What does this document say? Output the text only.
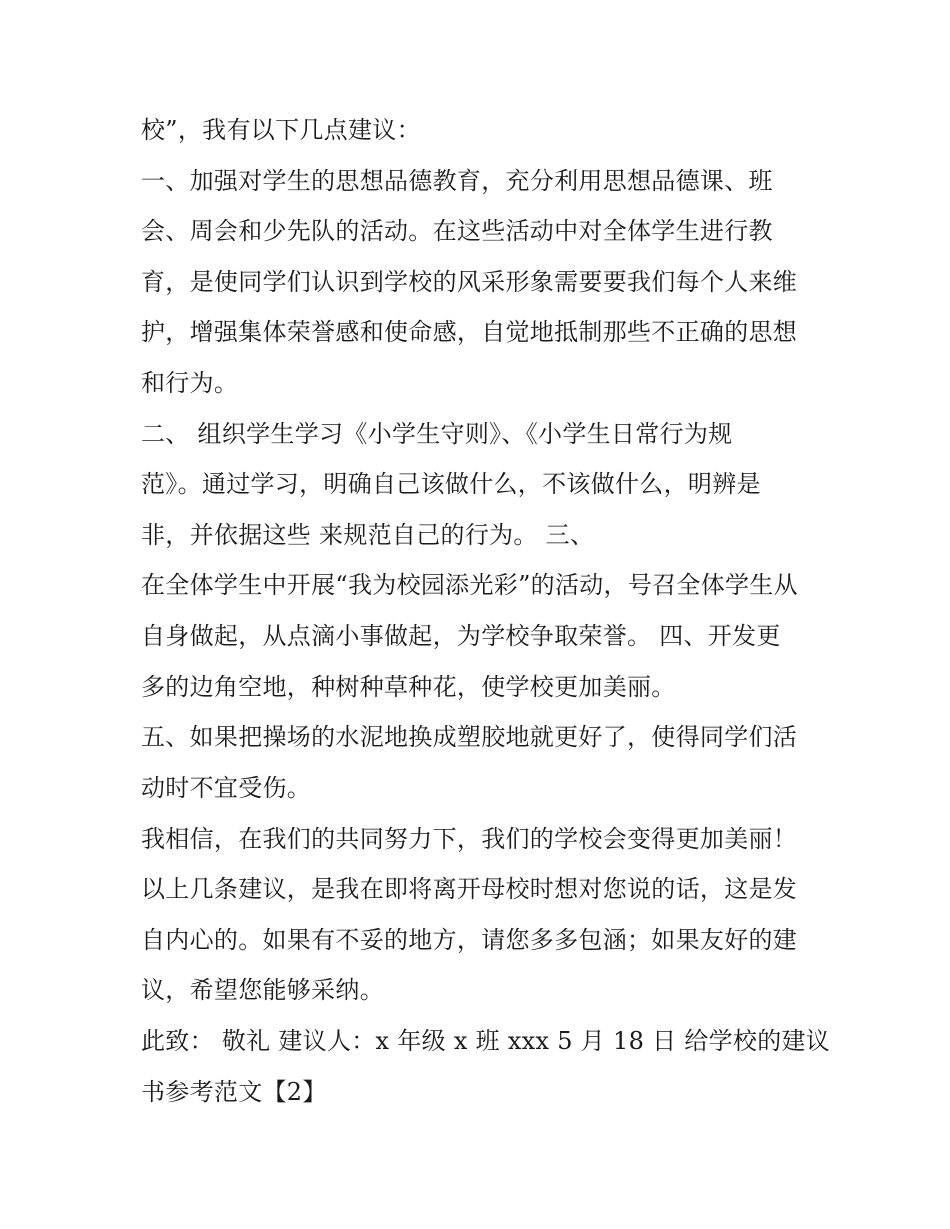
校”，我有以下几点建议：
一、加强对学生的思想品德教育，充分利用思想品德课、班
会、周会和少先队的活动。在这些活动中对全体学生进行教
育，是使同学们认识到学校的风采形象需要要我们每个人来维
护，增强集体荣誉感和使命感，自觉地抵制那些不正确的思想
和行为。
二、 组织学生学习《小学生守则》、《小学生日常行为规
范》。通过学习，明确自己该做什么，不该做什么，明辨是
非，并依据这些 来规范自己的行为。 三、
在全体学生中开展“我为校园添光彩”的活动，号召全体学生从
自身做起，从点滴小事做起，为学校争取荣誉。 四、开发更
多的边角空地，种树种草种花，使学校更加美丽。
五、如果把操场的水泥地换成塑胶地就更好了，使得同学们活
动时不宜受伤。
我相信，在我们的共同努力下，我们的学校会变得更加美丽！
以上几条建议，是我在即将离开母校时想对您说的话，这是发
自内心的。如果有不妥的地方，请您多多包涵；如果友好的建
议，希望您能够采纳。
此致： 敬礼 建议人：x 年级 x 班 xxx 5 月 18 日 给学校的建议
书参考范文【2】
